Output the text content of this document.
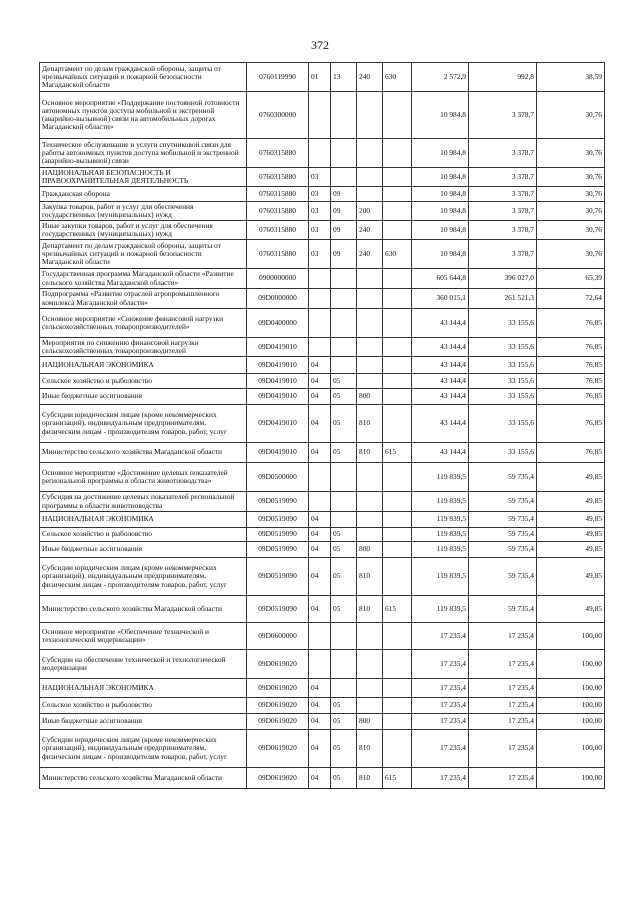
372
Департамент по делам гражданской обороны, защиты от чрезвычайных ситуаций и пожарной безопасности Магаданской области	0760119990	01	13	240	630	2 572,9	992,8	38,59
Основное мероприятие «Поддержание постоянной готовности автономных пунктов доступа мобильной и экстренной (аварийно-вызывной) связи на автомобильных дорогах Магаданской области»	0760300000					10 984,8	3 378,7	30,76
Техническое обслуживание и услуги спутниковой связи для работы автономных пунктов доступа мобильной и экстренной (аварийно-вызывной) связи	0760315880					10 984,8	3 378,7	30,76
НАЦИОНАЛЬНАЯ БЕЗОПАСНОСТЬ И ПРАВООХРАНИТЕЛЬНАЯ ДЕЯТЕЛЬНОСТЬ	0760315880	03				10 984,8	3 378,7	30,76
Гражданская оборона	0760315880	03	09			10 984,8	3 378,7	30,76
Закупка товаров, работ и услуг для обеспечения государственных (муниципальных) нужд	0760315880	03	09	200		10 984,8	3 378,7	30,76
Иные закупки товаров, работ и услуг для обеспечения государственных (муниципальных) нужд	0760315880	03	09	240		10 984,8	3 378,7	30,76
Департамент по делам гражданской обороны, защиты от чрезвычайных ситуаций и пожарной безопасности Магаданской области	0760315880	03	09	240	630	10 984,8	3 378,7	30,76
Государственная программа Магаданской области «Развитие сельского хозяйства Магаданской области»	0900000000					605 644,8	396 027,0	65,39
Подпрограмма «Развитие отраслей агропромышленного комплекса Магаданской области»	09D0000000					360 015,1	261 521,3	72,64
Основное мероприятие «Снижение финансовой нагрузки сельскохозяйственных товаропроизводителей»	09D0400000					43 144,4	33 155,6	76,85
Мероприятия по снижению финансовой нагрузки сельскохозяйственных товаропроизводителей	09D0419010					43 144,4	33 155,6	76,85
НАЦИОНАЛЬНАЯ ЭКОНОМИКА	09D0419010	04				43 144,4	33 155,6	76,85
Сельское хозяйство и рыболовство	09D0419010	04	05			43 144,4	33 155,6	76,85
Иные бюджетные ассигнования	09D0419010	04	05	800		43 144,4	33 155,6	76,85
Субсидии юридическим лицам (кроме некоммерческих организаций), индивидуальным предпринимателям, физическим лицам - производителям товаров, работ, услуг	09D0419010	04	05	810		43 144,4	33 155,6	76,85
Министерство сельского хозяйства Магаданской области	09D0419010	04	05	810	615	43 144,4	33 155,6	76,85
Основное мероприятие «Достижение целевых показателей региональной программы в области животноводства»	09D0500000					119 839,5	59 735,4	49,85
Субсидия на достижение целевых показателей региональной программы в области животноводства	09D0519090					119 839,5	59 735,4	49,85
НАЦИОНАЛЬНАЯ ЭКОНОМИКА	09D0519090	04				119 839,5	59 735,4	49,85
Сельское хозяйство и рыболовство	09D0519090	04	05			119 839,5	59 735,4	49,85
Иные бюджетные ассигнования	09D0519090	04	05	800		119 839,5	59 735,4	49,85
Субсидии юридическим лицам (кроме некоммерческих организаций), индивидуальным предпринимателям, физическим лицам - производителям товаров, работ, услуг	09D0519090	04	05	810		119 839,5	59 735,4	49,85
Министерство сельского хозяйства Магаданской области	09D0519090	04	05	810	615	119 839,5	59 735,4	49,85
Основное мероприятие «Обеспечение технической и технологической модернизации»	09D0600000					17 235,4	17 235,4	100,00
Субсидии на обеспечение технической и технологической модернизации	09D0619020					17 235,4	17 235,4	100,00
НАЦИОНАЛЬНАЯ ЭКОНОМИКА	09D0619020	04				17 235,4	17 235,4	100,00
Сельское хозяйство и рыболовство	09D0619020	04	05			17 235,4	17 235,4	100,00
Иные бюджетные ассигнования	09D0619020	04	05	800		17 235,4	17 235,4	100,00
Субсидии юридическим лицам (кроме некоммерческих организаций), индивидуальным предпринимателям, физическим лицам - производителям товаров, работ, услуг	09D0619020	04	05	810		17 235,4	17 235,4	100,00
Министерство сельского хозяйства Магаданской области	09D0619020	04	05	810	615	17 235,4	17 235,4	100,00
